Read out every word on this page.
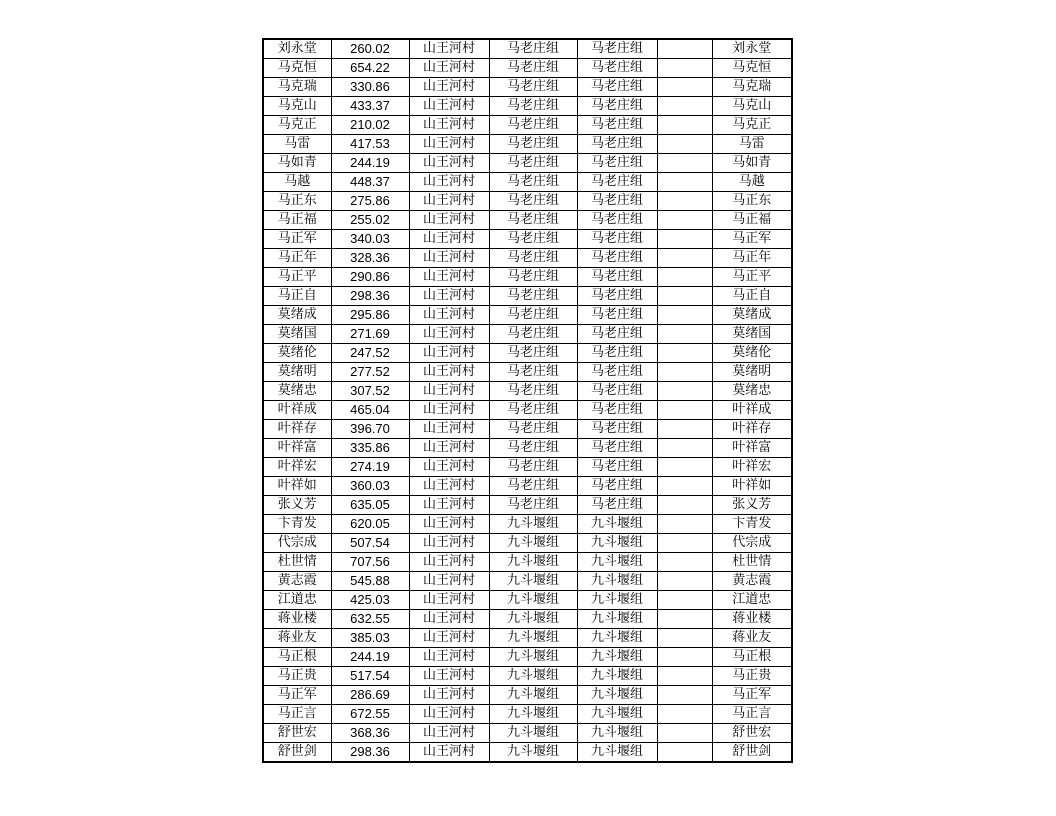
刘永堂	260.02	山王河村	马老庄组	马老庄组		刘永堂
马克恒	654.22	山王河村	马老庄组	马老庄组		马克恒
马克瑞	330.86	山王河村	马老庄组	马老庄组		马克瑞
马克山	433.37	山王河村	马老庄组	马老庄组		马克山
马克正	210.02	山王河村	马老庄组	马老庄组		马克正
马雷	417.53	山王河村	马老庄组	马老庄组		马雷
马如青	244.19	山王河村	马老庄组	马老庄组		马如青
马越	448.37	山王河村	马老庄组	马老庄组		马越
马正东	275.86	山王河村	马老庄组	马老庄组		马正东
马正福	255.02	山王河村	马老庄组	马老庄组		马正福
马正军	340.03	山王河村	马老庄组	马老庄组		马正军
马正年	328.36	山王河村	马老庄组	马老庄组		马正年
马正平	290.86	山王河村	马老庄组	马老庄组		马正平
马正自	298.36	山王河村	马老庄组	马老庄组		马正自
莫绪成	295.86	山王河村	马老庄组	马老庄组		莫绪成
莫绪国	271.69	山王河村	马老庄组	马老庄组		莫绪国
莫绪伦	247.52	山王河村	马老庄组	马老庄组		莫绪伦
莫绪明	277.52	山王河村	马老庄组	马老庄组		莫绪明
莫绪忠	307.52	山王河村	马老庄组	马老庄组		莫绪忠
叶祥成	465.04	山王河村	马老庄组	马老庄组		叶祥成
叶祥存	396.70	山王河村	马老庄组	马老庄组		叶祥存
叶祥富	335.86	山王河村	马老庄组	马老庄组		叶祥富
叶祥宏	274.19	山王河村	马老庄组	马老庄组		叶祥宏
叶祥如	360.03	山王河村	马老庄组	马老庄组		叶祥如
张义芳	635.05	山王河村	马老庄组	马老庄组		张义芳
卞青发	620.05	山王河村	九斗堰组	九斗堰组		卞青发
代宗成	507.54	山王河村	九斗堰组	九斗堰组		代宗成
杜世情	707.56	山王河村	九斗堰组	九斗堰组		杜世情
黄志霞	545.88	山王河村	九斗堰组	九斗堰组		黄志霞
江道忠	425.03	山王河村	九斗堰组	九斗堰组		江道忠
蒋业楼	632.55	山王河村	九斗堰组	九斗堰组		蒋业楼
蒋业友	385.03	山王河村	九斗堰组	九斗堰组		蒋业友
马正根	244.19	山王河村	九斗堰组	九斗堰组		马正根
马正贵	517.54	山王河村	九斗堰组	九斗堰组		马正贵
马正军	286.69	山王河村	九斗堰组	九斗堰组		马正军
马正言	672.55	山王河村	九斗堰组	九斗堰组		马正言
舒世宏	368.36	山王河村	九斗堰组	九斗堰组		舒世宏
舒世剑	298.36	山王河村	九斗堰组	九斗堰组		舒世剑
